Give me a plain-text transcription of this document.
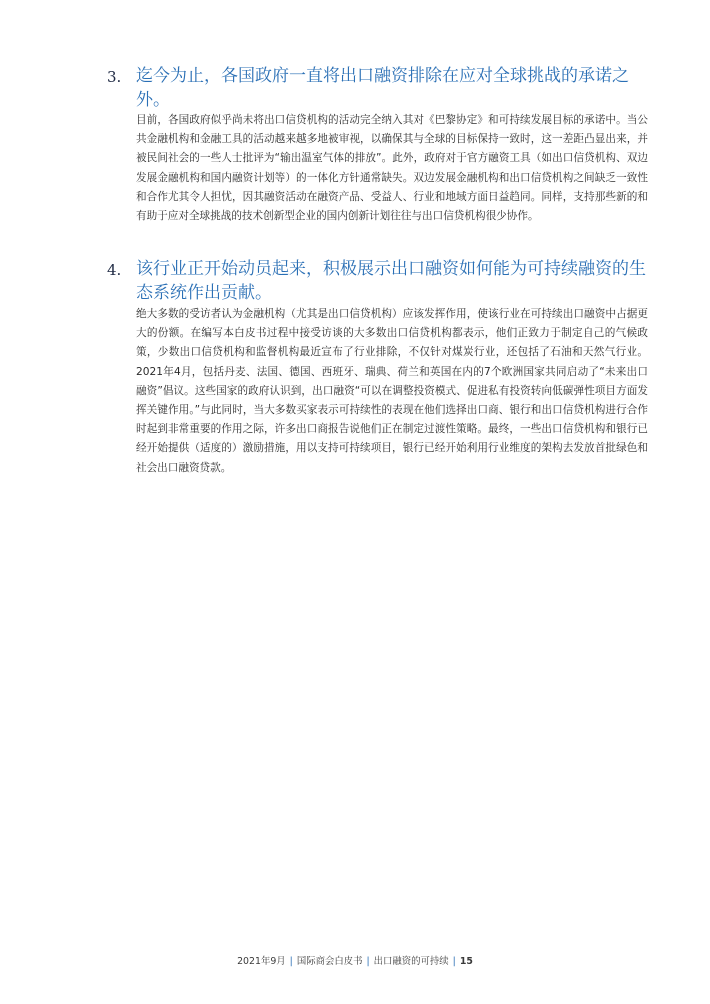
3. 迄今为止，各国政府一直将出口融资排除在应对全球挑战的承诺之外。

目前，各国政府似乎尚未将出口信贷机构的活动完全纳入其对《巴黎协定》和可持续发展目标的承诺中。当公共金融机构和金融工具的活动越来越多地被审视，以确保其与全球的目标保持一致时，这一差距凸显出来，并被民间社会的一些人士批评为“输出温室气体的排放”。此外，政府对于官方融资工具（如出口信贷机构、双边发展金融机构和国内融资计划等）的一体化方针通常缺失。双边发展金融机构和出口信贷机构之间缺乏一致性和合作尤其令人担忧，因其融资活动在融资产品、受益人、行业和地域方面日益趋同。同样，支持那些新的和有助于应对全球挑战的技术创新型企业的国内创新计划往往与出口信贷机构很少协作。

4. 该行业正开始动员起来，积极展示出口融资如何能为可持续融资的生态系统作出贡献。

绝大多数的受访者认为金融机构（尤其是出口信贷机构）应该发挥作用，使该行业在可持续出口融资中占据更大的份额。在编写本白皮书过程中接受访谈的大多数出口信贷机构都表示，他们正致力于制定自己的气候政策，少数出口信贷机构和监督机构最近宣布了行业排除，不仅针对煤炭行业，还包括了石油和天然气行业。2021年4月，包括丹麦、法国、德国、西班牙、瑞典、荷兰和英国在内的7个欧洲国家共同启动了“未来出口融资”倡议。这些国家的政府认识到，出口融资“可以在调整投资模式、促进私有投资转向低碳弹性项目方面发挥关键作用。”与此同时，当大多数买家表示可持续性的表现在他们选择出口商、银行和出口信贷机构进行合作时起到非常重要的作用之际，许多出口商报告说他们正在制定过渡性策略。最终，一些出口信贷机构和银行已经开始提供（适度的）激励措施，用以支持可持续项目，银行已经开始利用行业维度的架构去发放首批绿色和社会出口融资贷款。

2021年9月 | 国际商会白皮书 | 出口融资的可持续 | 15
